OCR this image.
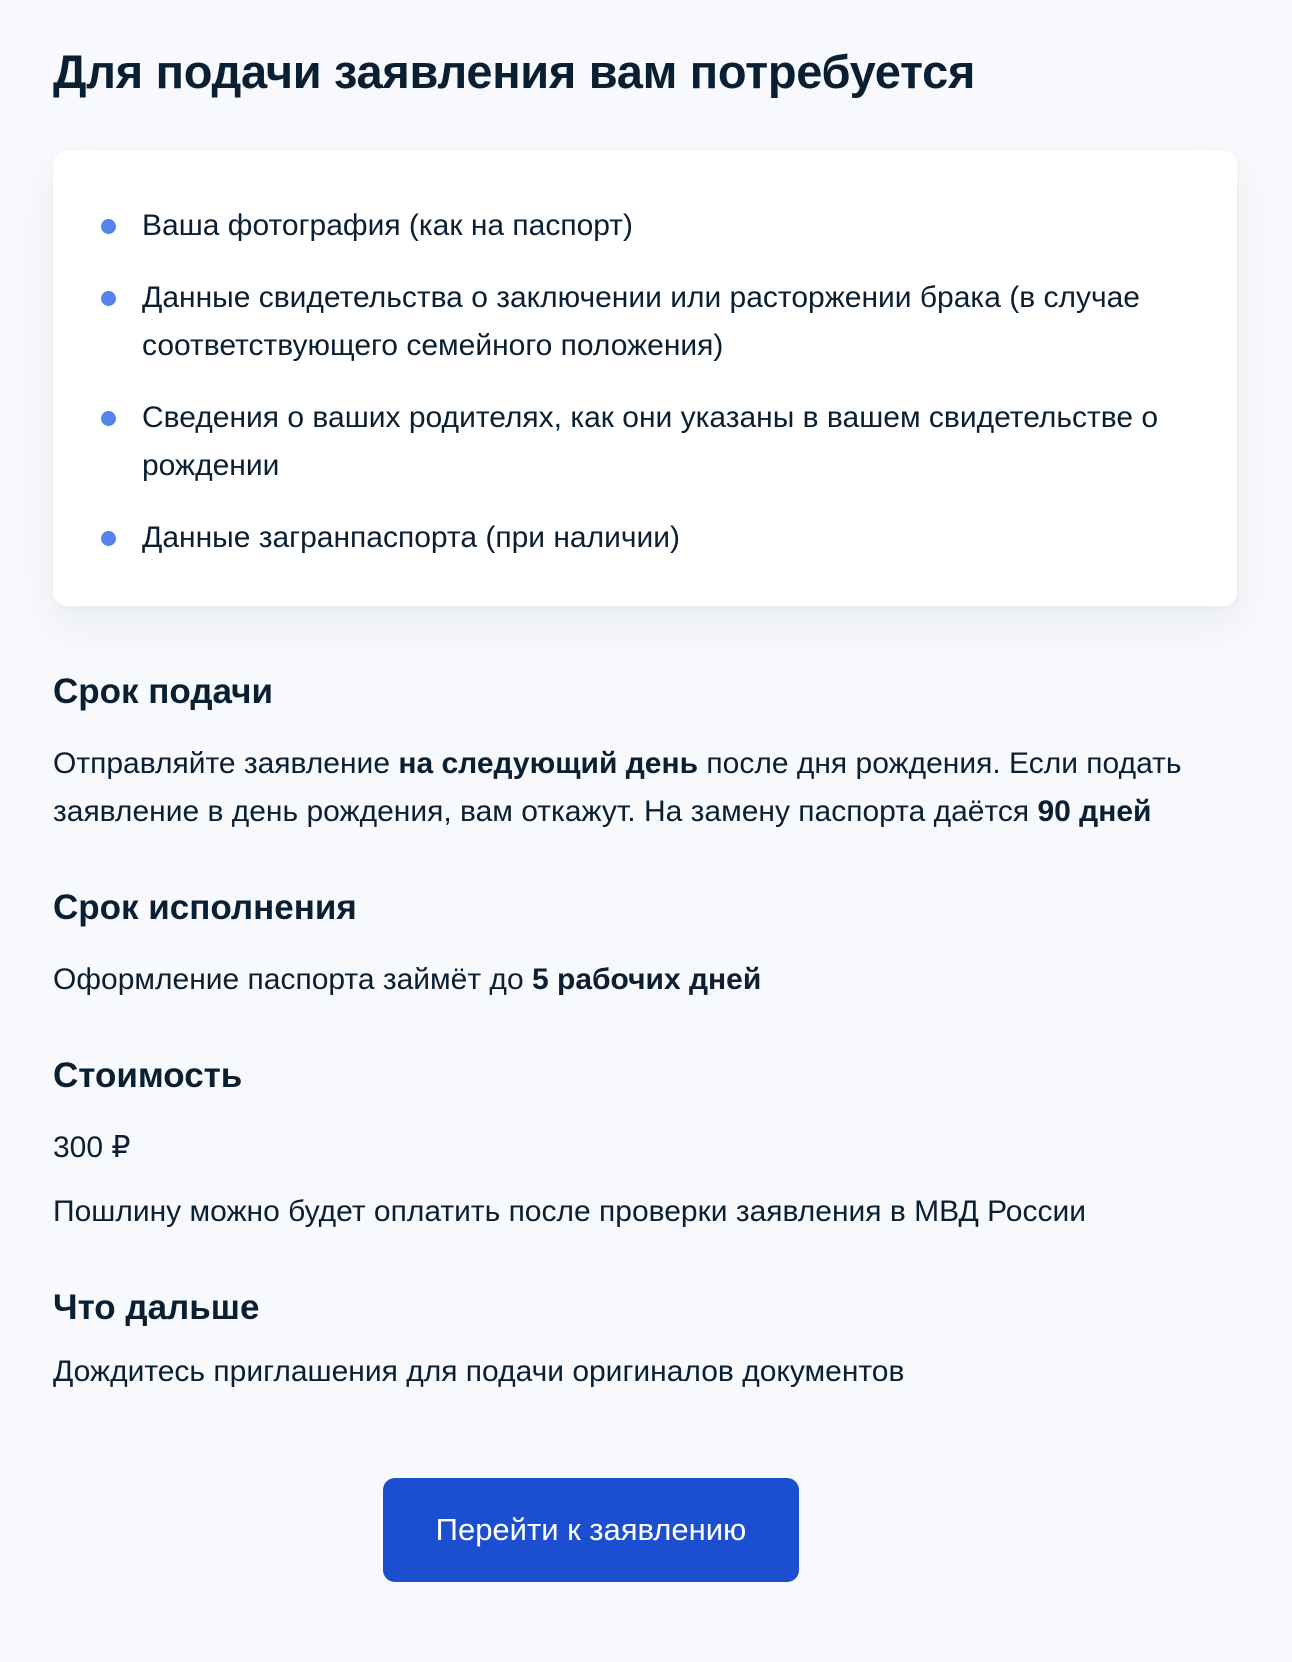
Для подачи заявления вам потребуется
Ваша фотография (как на паспорт)
Данные свидетельства о заключении или расторжении брака (в случае соответствующего семейного положения)
Сведения о ваших родителях, как они указаны в вашем свидетельстве о рождении
Данные загранпаспорта (при наличии)
Срок подачи

Отправляйте заявление на следующий день после дня рождения. Если подать заявление в день рождения, вам откажут. На замену паспорта даётся 90 дней

Срок исполнения

Оформление паспорта займёт до 5 рабочих дней

Стоимость

300 ₽

Пошлину можно будет оплатить после проверки заявления в МВД России

Что дальше

Дождитесь приглашения для подачи оригиналов документов

Перейти к заявлению
